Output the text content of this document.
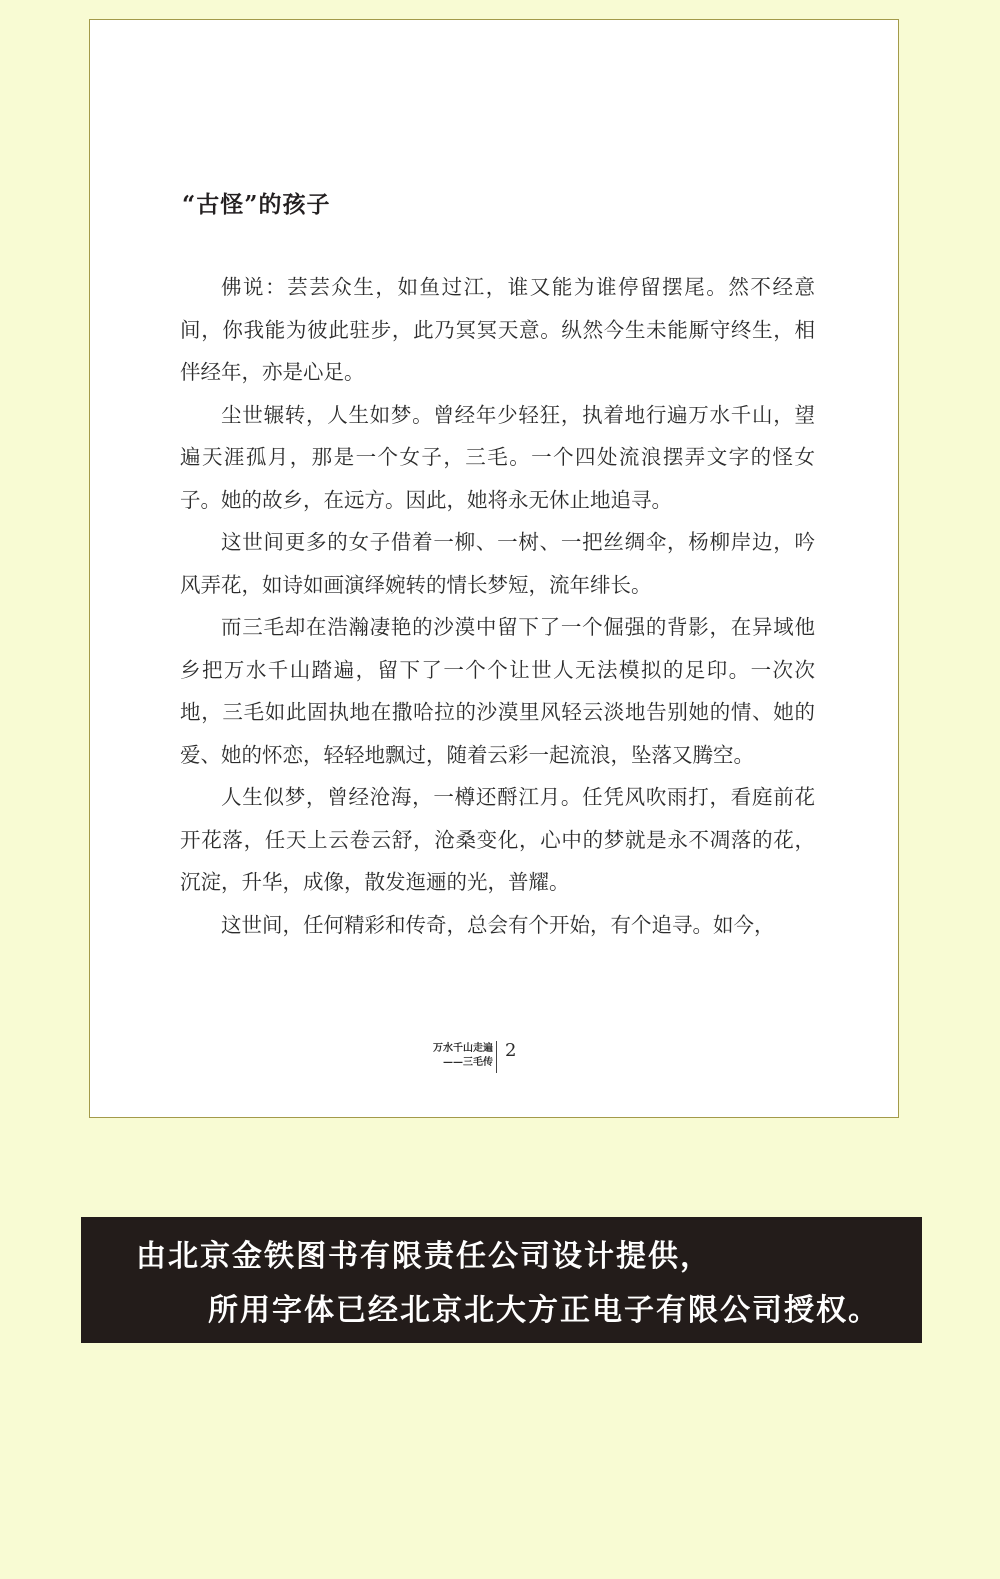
“古怪”的孩子

佛说：芸芸众生，如鱼过江，谁又能为谁停留摆尾。然不经意间，你我能为彼此驻步，此乃冥冥天意。纵然今生未能厮守终生，相伴经年，亦是心足。

尘世辗转，人生如梦。曾经年少轻狂，执着地行遍万水千山，望遍天涯孤月，那是一个女子，三毛。一个四处流浪摆弄文字的怪女子。她的故乡，在远方。因此，她将永无休止地追寻。

这世间更多的女子借着一柳、一树、一把丝绸伞，杨柳岸边，吟风弄花，如诗如画演绎婉转的情长梦短，流年绯长。

而三毛却在浩瀚凄艳的沙漠中留下了一个倔强的背影，在异域他乡把万水千山踏遍，留下了一个个让世人无法模拟的足印。一次次地，三毛如此固执地在撒哈拉的沙漠里风轻云淡地告别她的情、她的爱、她的怀恋，轻轻地飘过，随着云彩一起流浪，坠落又腾空。

人生似梦，曾经沧海，一樽还酹江月。任凭风吹雨打，看庭前花开花落，任天上云卷云舒，沧桑变化，心中的梦就是永不凋落的花，沉淀，升华，成像，散发迤逦的光，普耀。

这世间，任何精彩和传奇，总会有个开始，有个追寻。如今，

万水千山走遍
——三毛传
2
由北京金铁图书有限责任公司设计提供，
所用字体已经北京北大方正电子有限公司授权。
